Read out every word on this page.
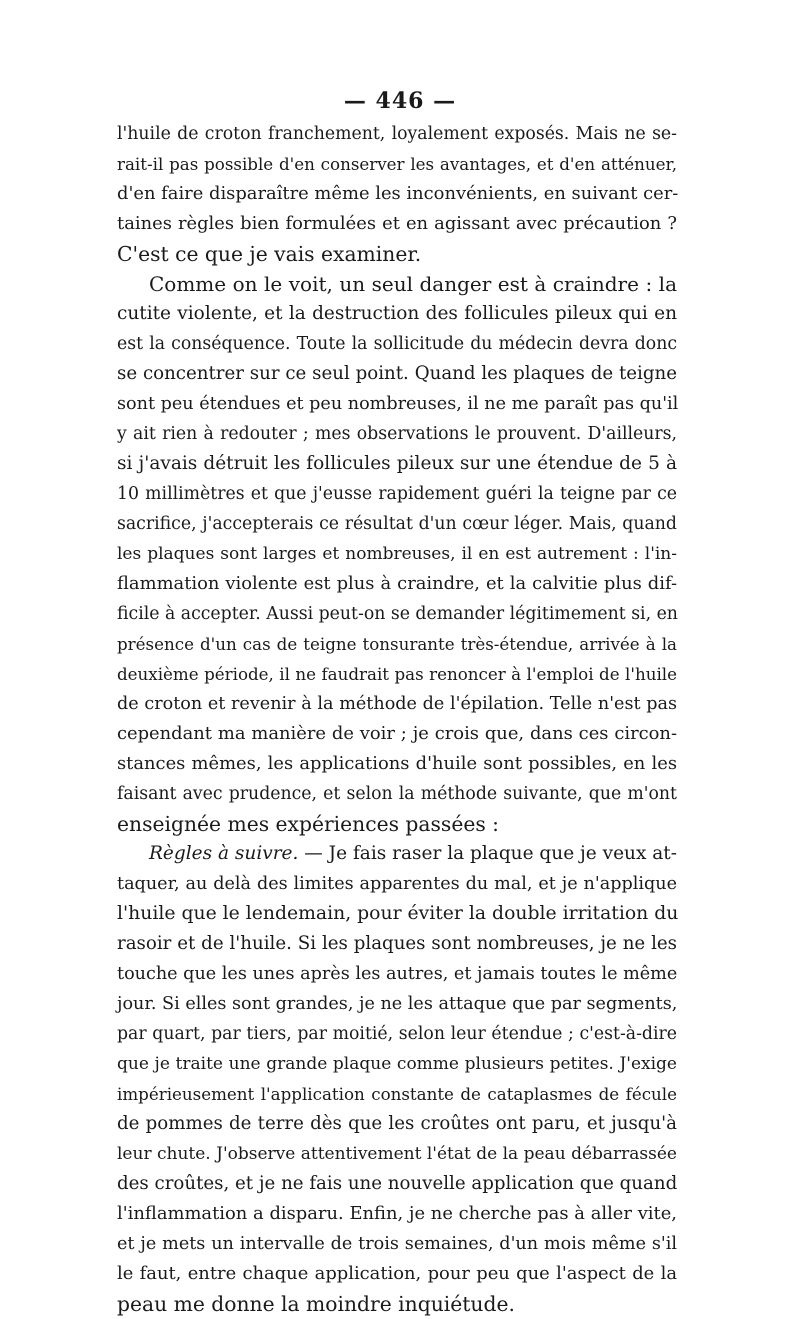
— 446 —
l'huile de croton franchement, loyalement exposés. Mais ne se-
rait-il pas possible d'en conserver les avantages, et d'en atténuer,
d'en faire disparaître même les inconvénients, en suivant cer-
taines règles bien formulées et en agissant avec précaution ?
C'est ce que je vais examiner.
Comme on le voit, un seul danger est à craindre : la
cutite violente, et la destruction des follicules pileux qui en
est la conséquence. Toute la sollicitude du médecin devra donc
se concentrer sur ce seul point. Quand les plaques de teigne
sont peu étendues et peu nombreuses, il ne me paraît pas qu'il
y ait rien à redouter ; mes observations le prouvent. D'ailleurs,
si j'avais détruit les follicules pileux sur une étendue de 5 à
10 millimètres et que j'eusse rapidement guéri la teigne par ce
sacrifice, j'accepterais ce résultat d'un cœur léger. Mais, quand
les plaques sont larges et nombreuses, il en est autrement : l'in-
flammation violente est plus à craindre, et la calvitie plus dif-
ficile à accepter. Aussi peut-on se demander légitimement si, en
présence d'un cas de teigne tonsurante très-étendue, arrivée à la
deuxième période, il ne faudrait pas renoncer à l'emploi de l'huile
de croton et revenir à la méthode de l'épilation. Telle n'est pas
cependant ma manière de voir ; je crois que, dans ces circon-
stances mêmes, les applications d'huile sont possibles, en les
faisant avec prudence, et selon la méthode suivante, que m'ont
enseignée mes expériences passées :
Règles à suivre. — Je fais raser la plaque que je veux at-
taquer, au delà des limites apparentes du mal, et je n'applique
l'huile que le lendemain, pour éviter la double irritation du
rasoir et de l'huile. Si les plaques sont nombreuses, je ne les
touche que les unes après les autres, et jamais toutes le même
jour. Si elles sont grandes, je ne les attaque que par segments,
par quart, par tiers, par moitié, selon leur étendue ; c'est-à-dire
que je traite une grande plaque comme plusieurs petites. J'exige
impérieusement l'application constante de cataplasmes de fécule
de pommes de terre dès que les croûtes ont paru, et jusqu'à
leur chute. J'observe attentivement l'état de la peau débarrassée
des croûtes, et je ne fais une nouvelle application que quand
l'inflammation a disparu. Enfin, je ne cherche pas à aller vite,
et je mets un intervalle de trois semaines, d'un mois même s'il
le faut, entre chaque application, pour peu que l'aspect de la
peau me donne la moindre inquiétude.
